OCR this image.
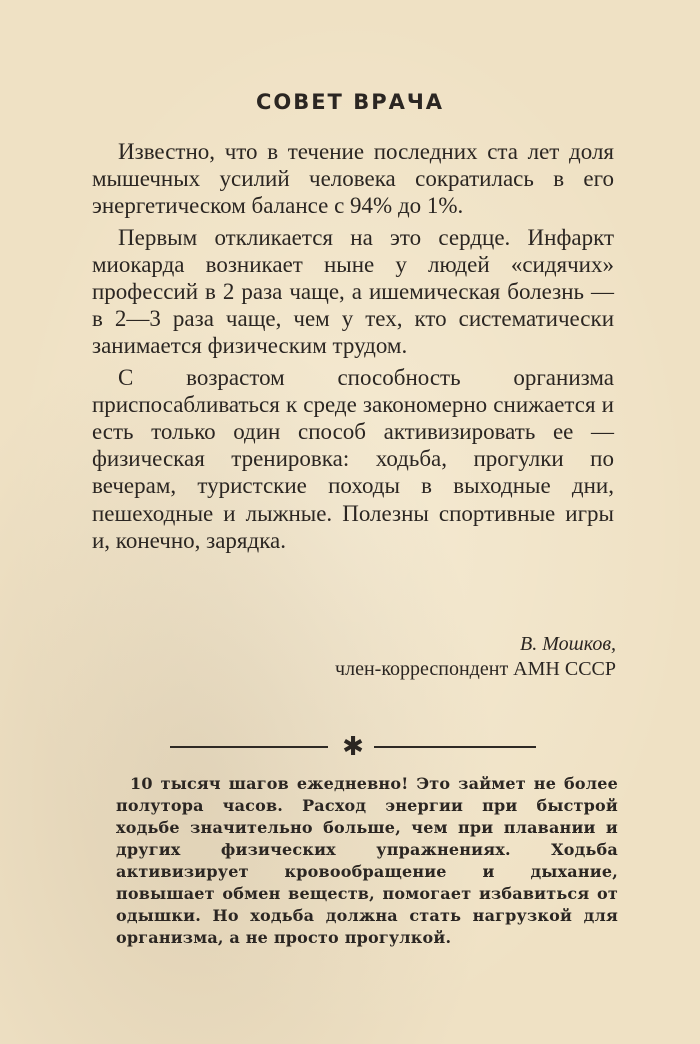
СОВЕТ ВРАЧА

Известно, что в течение последних ста лет доля мышечных усилий человека сократилась в его энергетическом балансе с 94% до 1%.

Первым откликается на это сердце. Инфаркт миокарда возникает ныне у людей «сидячих» профессий в 2 раза чаще, а ишемическая болезнь — в 2—3 раза чаще, чем у тех, кто систематически занимается физическим трудом.

С возрастом способность организма приспосабливаться к среде закономерно снижается и есть только один способ активизировать ее — физическая тренировка: ходьба, прогулки по вечерам, туристские походы в выходные дни, пешеходные и лыжные. Полезны спортивные игры и, конечно, зарядка.

В. Мошков,
член-корреспондент АМН СССР
✱

10 тысяч шагов ежедневно! Это займет не более полутора часов. Расход энергии при быстрой ходьбе значительно больше, чем при плавании и других физических упражнениях. Ходьба активизирует кровообращение и дыхание, повышает обмен веществ, помогает избавиться от одышки. Но ходьба должна стать нагрузкой для организма, а не просто прогулкой.
